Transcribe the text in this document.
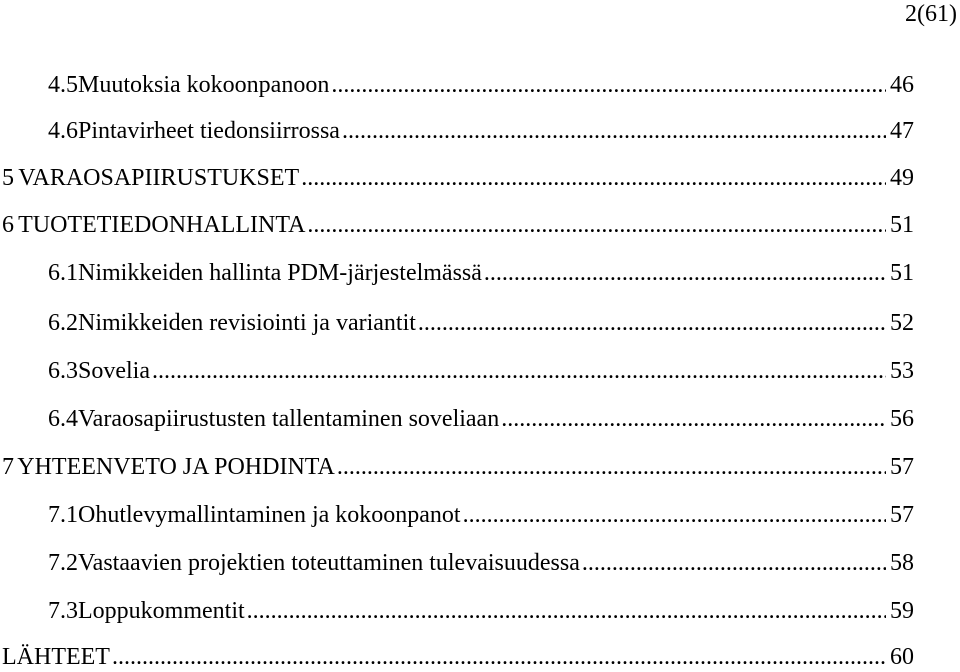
2(61)
4.5 Muutoksia kokoonpanoon .....	46
4.6 Pintavirheet tiedonsiirrossa .....	47
5 VARAOSAPIIRUSTUKSET .....	49
6 TUOTETIEDONHALLINTA .....	51
6.1 Nimikkeiden hallinta PDM-järjestelmässä .....	51
6.2 Nimikkeiden revisiointi ja variantit .....	52
6.3 Sovelia .....	53
6.4 Varaosapiirustusten tallentaminen soveliaan .....	56
7 YHTEENVETO JA POHDINTA .....	57
7.1 Ohutlevymallintaminen ja kokoonpanot .....	57
7.2 Vastaavien projektien toteuttaminen tulevaisuudessa .....	58
7.3 Loppukommentit .....	59
LÄHTEET .....	60
